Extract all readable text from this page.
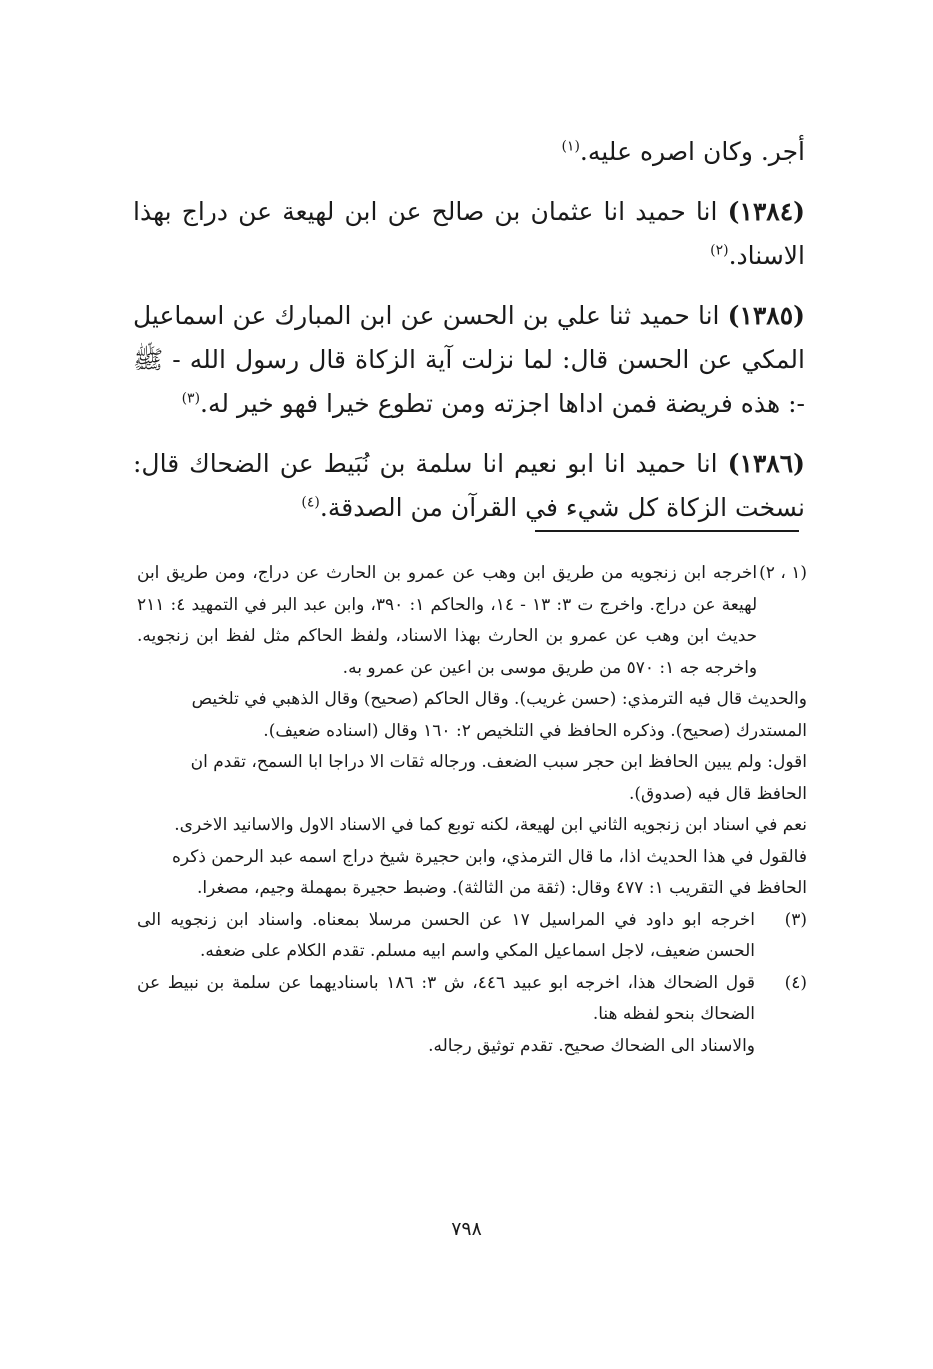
أجر. وكان اصره عليه.$^{(١)}$

(١٣٨٤) انا حميد انا عثمان بن صالح عن ابن لهيعة عن دراج بهذا الاسناد.$^{(٢)}$

(١٣٨٥) انا حميد ثنا علي بن الحسن عن ابن المبارك عن اسماعيل المكي عن الحسن قال: لما نزلت آية الزكاة قال رسول الله - ﷺ -: هذه فريضة فمن اداها اجزته ومن تطوع خيرا فهو خير له.$^{(٣)}$

(١٣٨٦) انا حميد انا ابو نعيم انا سلمة بن نُبَيط عن الضحاك قال: نسخت الزكاة كل شيء في القرآن من الصدقة.$^{(٤)}$

(١ ، ٢)

اخرجه ابن زنجويه من طريق ابن وهب عن عمرو بن الحارث عن دراج، ومن طريق ابن لهيعة عن دراج. واخرج ت ٣: ١٣ - ١٤، والحاكم ١: ٣٩٠، وابن عبد البر في التمهيد ٤: ٢١١ حديث ابن وهب عن عمرو بن الحارث بهذا الاسناد، ولفظ الحاكم مثل لفظ ابن زنجويه. واخرجه جه ١: ٥٧٠ من طريق موسى بن اعين عن عمرو به.

والحديث قال فيه الترمذي: (حسن غريب). وقال الحاكم (صحيح) وقال الذهبي في تلخيص المستدرك (صحيح). وذكره الحافظ في التلخيص ٢: ١٦٠ وقال (اسناده ضعيف).

اقول: ولم يبين الحافظ ابن حجر سبب الضعف. ورجاله ثقات الا دراجا ابا السمح، تقدم ان الحافظ قال فيه (صدوق).

نعم في اسناد ابن زنجويه الثاني ابن لهيعة، لكنه توبع كما في الاسناد الاول والاسانيد الاخرى.

فالقول في هذا الحديث اذا، ما قال الترمذي، وابن حجيرة شيخ دراج اسمه عبد الرحمن ذكره الحافظ في التقريب ١: ٤٧٧ وقال: (ثقة من الثالثة). وضبط حجيرة بمهملة وجيم، مصغرا.

(٣)

اخرجه ابو داود في المراسيل ١٧ عن الحسن مرسلا بمعناه. واسناد ابن زنجويه الى الحسن ضعيف، لاجل اسماعيل المكي واسم ابيه مسلم. تقدم الكلام على ضعفه.

(٤)

قول الضحاك هذا، اخرجه ابو عبيد ٤٤٦، ش ٣: ١٨٦ باسناديهما عن سلمة بن نبيط عن الضحاك بنحو لفظه هنا.

والاسناد الى الضحاك صحيح. تقدم توثيق رجاله.

٧٩٨
